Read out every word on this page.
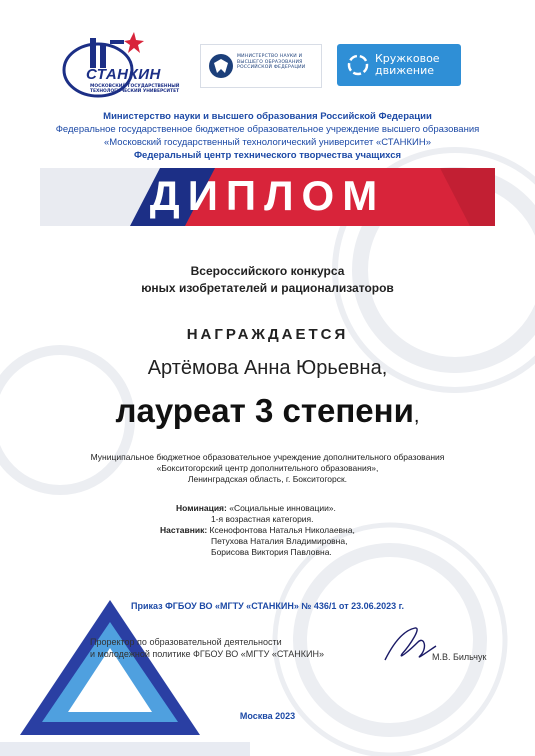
СТАНКИН
МОСКОВСКИЙ ГОСУДАРСТВЕННЫЙ ТЕХНОЛОГИЧЕСКИЙ УНИВЕРСИТЕТ
МИНИСТЕРСТВО НАУКИ И ВЫСШЕГО ОБРАЗОВАНИЯ РОССИЙСКОЙ ФЕДЕРАЦИИ
Кружковое
движение
Министерство науки и высшего образования Российской Федерации
Федеральное государственное бюджетное образовательное учреждение высшего образования
«Московский государственный технологический университет «СТАНКИН»
Федеральный центр технического творчества учащихся
ДИПЛОМ
Всероссийского конкурса
юных изобретателей и рационализаторов
НАГРАЖДАЕТСЯ
Артёмова Анна Юрьевна,
лауреат 3 степени,
Муниципальное бюджетное образовательное учреждение дополнительного образования
«Бокситогорский центр дополнительного образования»,
Ленинградская область, г. Бокситогорск.
Номинация: «Социальные инновации».
1-я возрастная категория.
Наставник: Ксенофонтова Наталья Николаевна,
Петухова Наталия Владимировна,
Борисова Виктория Павловна.
Приказ ФГБОУ ВО «МГТУ «СТАНКИН» № 436/1 от 23.06.2023 г.
Проректор по образовательной деятельности
и молодежной политике ФГБОУ ВО «МГТУ «СТАНКИН»	М.В. Бильчук
Москва 2023
